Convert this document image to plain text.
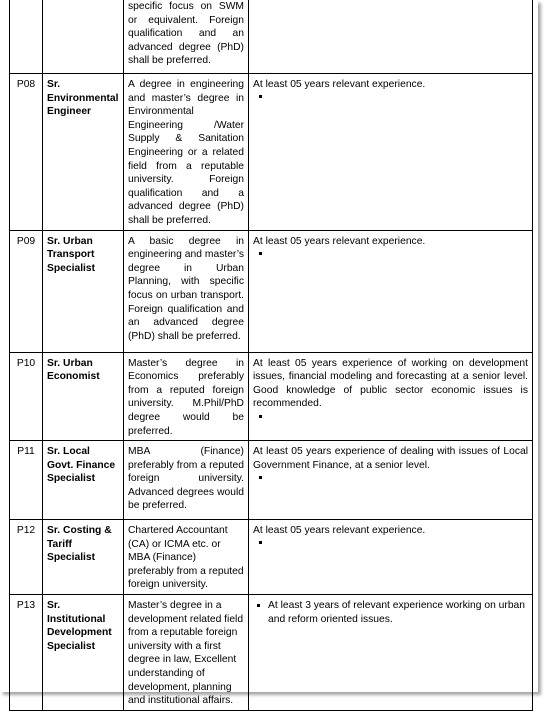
		specific focus on SWM or equivalent. Foreign qualification and an advanced degree (PhD) shall be preferred.	
P08	Sr. Environmental Engineer	A degree in engineering and master’s degree in Environmental Engineering /Water Supply & Sanitation Engineering or a related field from a reputable university. Foreign qualification and a advanced degree (PhD) shall be preferred.	At least 05 years relevant experience.

P09	Sr. Urban Transport Specialist	A basic degree in engineering and master’s degree in Urban Planning, with specific focus on urban transport. Foreign qualification and an advanced degree (PhD) shall be preferred.	At least 05 years relevant experience.

P10	Sr. Urban Economist	Master’s degree in Economics preferably from a reputed foreign university. M.Phil/PhD degree would be preferred.	At least 05 years experience of working on development issues, financial modeling and forecasting at a senior level. Good knowledge of public sector economic issues is recommended.

P11	Sr. Local Govt. Finance Specialist	MBA (Finance) preferably from a reputed foreign university. Advanced degrees would be preferred.	At least 05 years experience of dealing with issues of Local Government Finance, at a senior level.

P12	Sr. Costing & Tariff Specialist	Chartered Accountant (CA) or ICMA etc. or MBA (Finance) preferably from a reputed foreign university.	At least 05 years relevant experience.

P13	Sr. Institutional Development Specialist	Master’s degree in a development related field from a reputable foreign university with a first degree in law, Excellent understanding of development, planning and institutional affairs.	At least 3 years of relevant experience working on urban and reform oriented issues.
